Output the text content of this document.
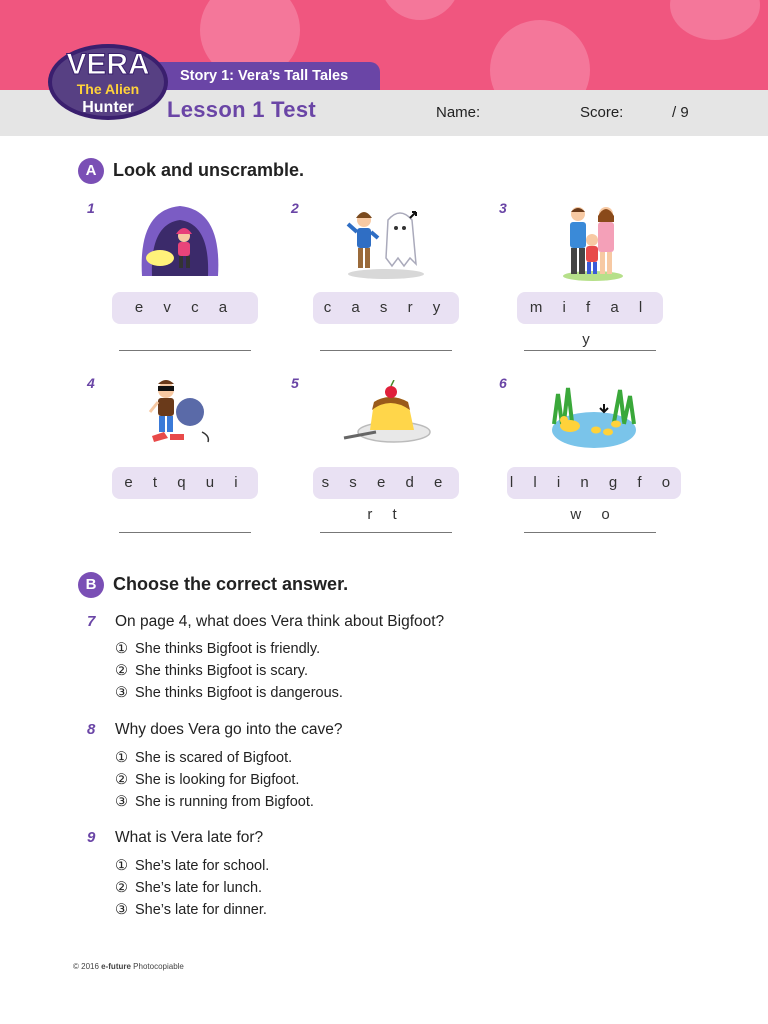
Story 1: Vera’s Tall Tales
VERA
The Alien
Hunter Lesson 1 Test	Name:	Score:	/ 9
A Look and unscramble.
1	2	3
4	5	6
e v c a	c a s r y	m i f a l y
e t q u i	s s e d e r t
l l i n g f o w o
B Choose the correct answer.
7 On page 4, what does Vera think about Bigfoot?
① She thinks Bigfoot is friendly.
② She thinks Bigfoot is scary.
③ She thinks Bigfoot is dangerous.
8 Why does Vera go into the cave?
① She is scared of Bigfoot.
② She is looking for Bigfoot.
③ She is running from Bigfoot.
9 What is Vera late for?
① She’s late for school.
② She’s late for lunch.
③ She’s late for dinner.
© 2016 e-future Photocopiable
